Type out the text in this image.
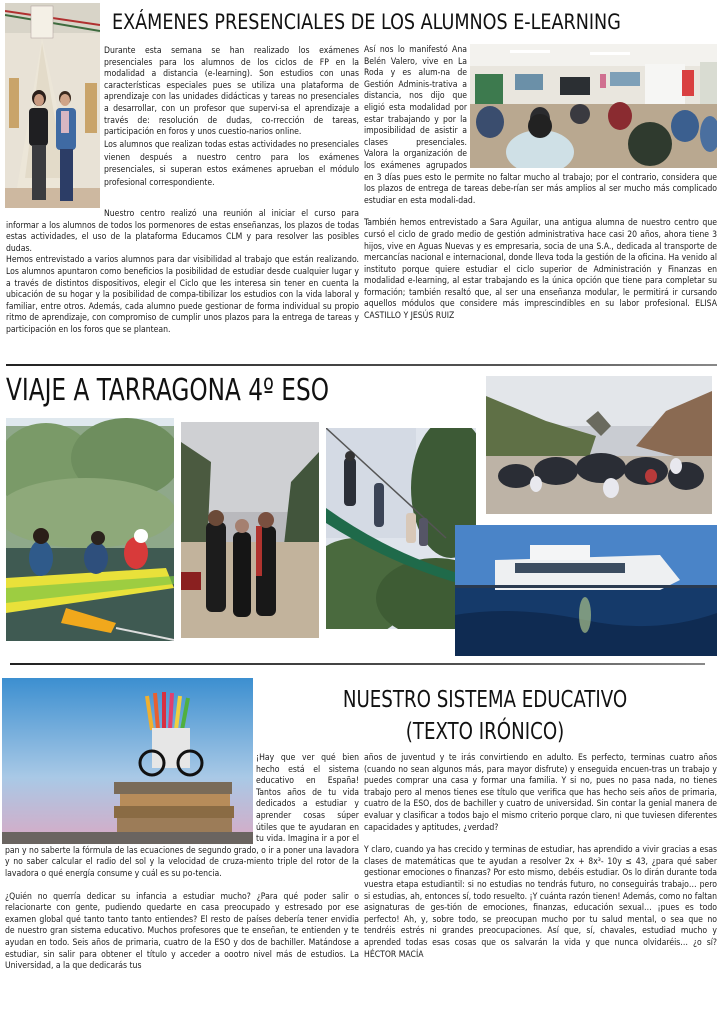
EXÁMENES PRESENCIALES DE LOS ALUMNOS E-LEARNING

Durante esta semana se han realizado los exámenes presenciales para los alumnos de los ciclos de FP en la modalidad a distancia (e-learning). Son estudios con unas características especiales pues se utiliza una plataforma de aprendizaje con las unidades didácticas y tareas no presenciales a desarrollar, con un profesor que supervi-sa el aprendizaje a través de: resolución de dudas, co-rrección de tareas, participación en foros y unos cuestio-narios online.

Los alumnos que realizan todas estas actividades no presenciales vienen después a nuestro centro para los exámenes presenciales, si superan estos exámenes aprueban el módulo profesional correspondiente.

Nuestro centro realizó una reunión al iniciar el curso para informar a los alumnos de todos los pormenores de estas enseñanzas, los plazos de todas estas actividades, el uso de la plataforma Educamos CLM y para resolver las posibles dudas.

Hemos entrevistado a varios alumnos para dar visibilidad al trabajo que están realizando. Los alumnos apuntaron como beneficios la posibilidad de estudiar desde cualquier lugar y a través de distintos dispositivos, elegir el Ciclo que les interesa sin tener en cuenta la ubicación de su hogar y la posibilidad de compa-tibilizar los estudios con la vida laboral y familiar, entre otros. Además, cada alumno puede gestionar de forma individual su propio ritmo de aprendizaje, con compromiso de cumplir unos plazos para la entrega de tareas y participación en los foros que se plantean.

Así nos lo manifestó Ana Belén Valero, vive en La Roda y es alum-na de Gestión Adminis-trativa a distancia, nos dijo que eligió esta modalidad por estar trabajando y por la imposibilidad de asistir a clases presenciales. Valora la organización de los exámenes agrupados en 3 días pues esto le permite no faltar mucho al trabajo; por el contrario, considera que los plazos de entrega de tareas debe-rían ser más amplios al ser mucho más complicado estudiar en esta modali-dad.

También hemos entrevistado a Sara Aguilar, una antigua alumna de nuestro centro que cursó el ciclo de grado medio de gestión administrativa hace casi 20 años, ahora tiene 3 hijos, vive en Aguas Nuevas y es empresaria, socia de una S.A., dedicada al transporte de mercancías nacional e internacional, donde lleva toda la gestión de la oficina. Ha venido al instituto porque quiere estudiar el ciclo superior de Administración y Finanzas en modalidad e-learning, al estar trabajando es la única opción que tiene para completar su formación; también resaltó que, al ser una enseñanza modular, le permitirá ir cursando aquellos módulos que considere más imprescindibles en su labor profesional. ELISA CASTILLO Y JESÚS RUIZ

VIAJE A TARRAGONA 4º ESO
NUESTRO SISTEMA EDUCATIVO
(TEXTO IRÓNICO)

¡Hay que ver qué bien hecho está el sistema educativo en España! Tantos años de tu vida dedicados a estudiar y aprender cosas súper útiles que te ayudaran en tu vida. Imagina ir a por el pan y no saberte la fórmula de las ecuaciones de segundo grado, o ir a poner una lavadora y no saber calcular el radio del sol y la velocidad de cruza-miento triple del rotor de la lavadora o qué energía consume y cuál es su po-tencia.

¿Quién no querría dedicar su infancia a estudiar mucho? ¿Para qué poder salir o relacionarte con gente, pudiendo quedarte en casa preocupado y estresado por ese examen global qué tanto tanto tanto entiendes? El resto de países debería tener envidia de nuestro gran sistema educativo. Muchos profesores que te enseñan, te entienden y te ayudan en todo. Seis años de primaria, cuatro de la ESO y dos de bachiller. Matándose a estudiar, sin salir para obtener el título y acceder a oootro nivel más de estudios. La Universidad, a la que dedicarás tus

años de juventud y te irás convirtiendo en adulto. Es perfecto, terminas cuatro años (cuando no sean algunos más, para mayor disfrute) y enseguida encuen-tras un trabajo y puedes comprar una casa y formar una familia. Y si no, pues no pasa nada, no tienes trabajo pero al menos tienes ese título que verifica que has hecho seis años de primaria, cuatro de la ESO, dos de bachiller y cuatro de universidad. Sin contar la genial manera de evaluar y clasificar a todos bajo el mismo criterio porque claro, ni que tuviesen diferentes capacidades y aptitudes, ¿verdad?

Y claro, cuando ya has crecido y terminas de estudiar, has aprendido a vivir gracias a esas clases de matemáticas que te ayudan a resolver 2x + 8x³- 10y ≤ 43, ¿para qué saber gestionar emociones o finanzas? Por esto mismo, debéis estudiar. Os lo dirán durante toda vuestra etapa estudiantil: si no estudias no tendrás futuro, no conseguirás trabajo… pero si estudias, ah, entonces sí, todo resuelto. ¡Y cuánta razón tienen! Además, como no faltan asignaturas de ges-tión de emociones, finanzas, educación sexual… ¡pues es todo perfecto! Ah, y, sobre todo, se preocupan mucho por tu salud mental, o sea que no tendréis estrés ni grandes preocupaciones. Así que, sí, chavales, estudiad mucho y aprended todas esas cosas que os salvarán la vida y que nunca olvidaréis… ¿o sí? HÉCTOR MACÍA
